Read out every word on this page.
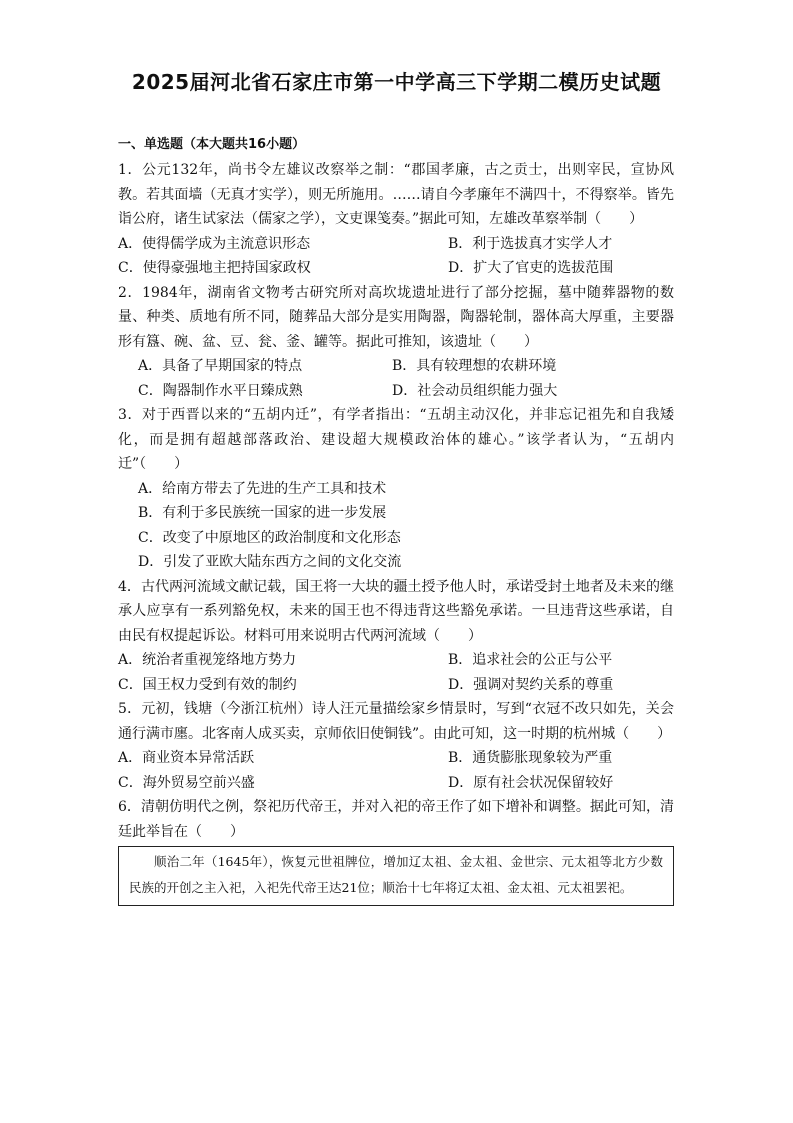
2025届河北省石家庄市第一中学高三下学期二模历史试题
一、单选题（本大题共16小题）

1．公元132年，尚书令左雄议改察举之制：“郡国孝廉，古之贡士，出则宰民，宣协风教。若其面墙（无真才实学），则无所施用。……请自今孝廉年不满四十，不得察举。皆先诣公府，诸生试家法（儒家之学），文吏课笺奏。”据此可知，左雄改革察举制（　　）

A．使得儒学成为主流意识形态	B．利于选拔真才实学人才
C．使得豪强地主把持国家政权	D．扩大了官吏的选拔范围

2．1984年，湖南省文物考古研究所对高坎垅遗址进行了部分挖掘，墓中随葬器物的数量、种类、质地有所不同，随葬品大部分是实用陶器，陶器轮制，器体高大厚重，主要器形有簋、碗、盆、豆、瓮、釜、罐等。据此可推知，该遗址（　　）

A．具备了早期国家的特点	B．具有较理想的农耕环境
C．陶器制作水平日臻成熟	D．社会动员组织能力强大

3．对于西晋以来的“五胡内迁”，有学者指出：“五胡主动汉化，并非忘记祖先和自我矮化，而是拥有超越部落政治、建设超大规模政治体的雄心。”该学者认为，“五胡内迁”（　　）

A．给南方带去了先进的生产工具和技术
B．有利于多民族统一国家的进一步发展
C．改变了中原地区的政治制度和文化形态
D．引发了亚欧大陆东西方之间的文化交流

4．古代两河流域文献记载，国王将一大块的疆土授予他人时，承诺受封土地者及未来的继承人应享有一系列豁免权，未来的国王也不得违背这些豁免承诺。一旦违背这些承诺，自由民有权提起诉讼。材料可用来说明古代两河流域（　　）

A．统治者重视笼络地方势力	B．追求社会的公正与公平
C．国王权力受到有效的制约	D．强调对契约关系的尊重

5．元初，钱塘（今浙江杭州）诗人汪元量描绘家乡情景时，写到“衣冠不改只如先，关会通行满市廛。北客南人成买卖，京师依旧使铜钱”。由此可知，这一时期的杭州城（　　）

A．商业资本异常活跃	B．通货膨胀现象较为严重
C．海外贸易空前兴盛	D．原有社会状况保留较好

6．清朝仿明代之例，祭祀历代帝王，并对入祀的帝王作了如下增补和调整。据此可知，清廷此举旨在（　　）

顺治二年（1645年），恢复元世祖牌位，增加辽太祖、金太祖、金世宗、元太祖等北方少数民族的开创之主入祀，入祀先代帝王达21位；顺治十七年将辽太祖、金太祖、元太祖罢祀。
